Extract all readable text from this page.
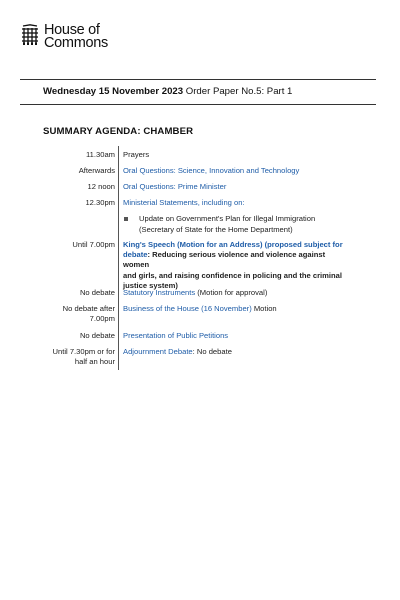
House of
Commons
Wednesday 15 November 2023 Order Paper No.5: Part 1
SUMMARY AGENDA: CHAMBER
11.30am Prayers
Afterwards Oral Questions: Science, Innovation and Technology
12 noon Oral Questions: Prime Minister
12.30pm Ministerial Statements, including on:
Update on Government's Plan for Illegal Immigration
(Secretary of State for the Home Department)
Until 7.00pm King's Speech (Motion for an Address) (proposed subject for
debate: Reducing serious violence and violence against women
and girls, and raising confidence in policing and the criminal
justice system)
No debate Statutory Instruments (Motion for approval)
No debate after
7.00pm
Business of the House (16 November) Motion
No debate Presentation of Public Petitions
Until 7.30pm or for
half an hour
Adjournment Debate: No debate
